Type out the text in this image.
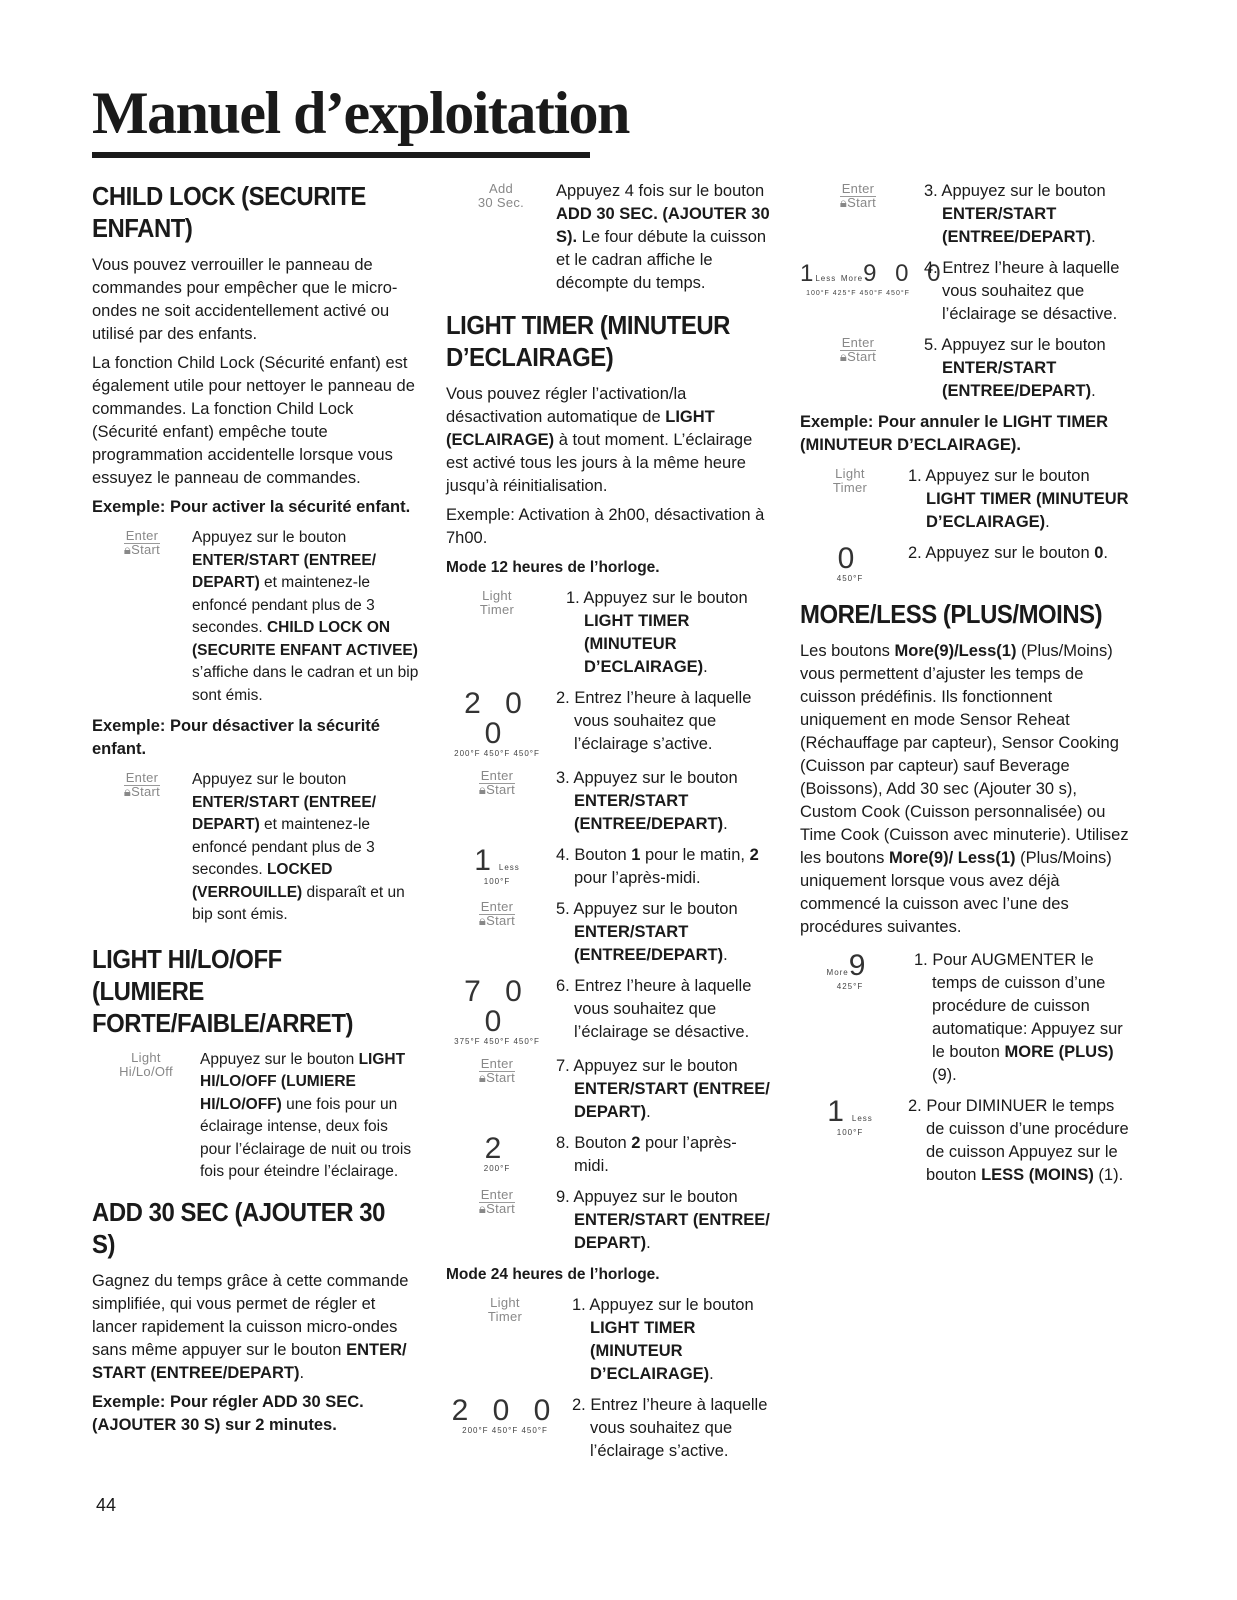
Manuel d’exploitation
CHILD LOCK (SECURITE ENFANT)

Vous pouvez verrouiller le panneau de commandes pour empêcher que le micro-ondes ne soit accidentellement activé ou utilisé par des enfants.

La fonction Child Lock (Sécurité enfant) est également utile pour nettoyer le panneau de commandes. La fonction Child Lock (Sécurité enfant) empêche toute programmation accidentelle lorsque vous essuyez le panneau de commandes.

Exemple: Pour activer la sécurité enfant.

Enter
🔒︎Start
Appuyez sur le bouton ENTER/START (ENTREE/ DEPART) et maintenez-le enfoncé pendant plus de 3 secondes. CHILD LOCK ON (SECURITE ENFANT ACTIVEE) s’affiche dans le cadran et un bip sont émis.

Exemple: Pour désactiver la sécurité enfant.

Enter
🔒︎Start
Appuyez sur le bouton ENTER/START (ENTREE/ DEPART) et maintenez-le enfoncé pendant plus de 3 secondes. LOCKED (VERROUILLE) disparaît et un bip sont émis.
LIGHT HI/LO/OFF (LUMIERE FORTE/FAIBLE/ARRET)
Light
Hi/Lo/Off
Appuyez sur le bouton LIGHT HI/LO/OFF (LUMIERE HI/LO/OFF) une fois pour un éclairage intense, deux fois pour l’éclairage de nuit ou trois fois pour éteindre l’éclairage.
ADD 30 SEC (AJOUTER 30 S)

Gagnez du temps grâce à cette commande simplifiée, qui vous permet de régler et lancer rapidement la cuisson micro-ondes sans même appuyer sur le bouton ENTER/ START (ENTREE/DEPART).

Exemple: Pour régler ADD 30 SEC. (AJOUTER 30 S) sur 2 minutes.

Add
30 Sec.
Appuyez 4 fois sur le bouton ADD 30 SEC. (AJOUTER 30 S). Le four débute la cuisson et le cadran affiche le décompte du temps.
LIGHT TIMER (MINUTEUR D’ECLAIRAGE)

Vous pouvez régler l’activation/la désactivation automatique de LIGHT (ECLAIRAGE) à tout moment. L’éclairage est activé tous les jours à la même heure jusqu’à réinitialisation.

Exemple: Activation à 2h00, désactivation à 7h00.

Mode 12 heures de l’horloge.

Light
Timer
1. Appuyez sur le bouton LIGHT TIMER (MINUTEUR D’ECLAIRAGE).
2 0 0
200°F 450°F 450°F
2. Entrez l’heure à laquelle vous souhaitez que l’éclairage s’active.
Enter
🔒︎Start
3. Appuyez sur le bouton ENTER/START (ENTREE/DEPART).
1Less
100°F
4. Bouton 1 pour le matin, 2 pour l’après-midi.
Enter
🔒︎Start
5. Appuyez sur le bouton ENTER/START (ENTREE/DEPART).
7 0 0
375°F 450°F 450°F
6. Entrez l’heure à laquelle vous souhaitez que l’éclairage se désactive.
Enter
🔒︎Start
7. Appuyez sur le bouton ENTER/START (ENTREE/ DEPART).
2
200°F
8. Bouton 2 pour l’après-midi.
Enter
🔒︎Start
9. Appuyez sur le bouton ENTER/START (ENTREE/ DEPART).

Mode 24 heures de l’horloge.

Light
Timer
1. Appuyez sur le bouton LIGHT TIMER (MINUTEUR D’ECLAIRAGE).
2 0 0
200°F 450°F 450°F
2. Entrez l’heure à laquelle vous souhaitez que l’éclairage s’active.
Enter
🔒︎Start
3. Appuyez sur le bouton ENTER/START (ENTREE/DEPART).
1Less More9 0 0
100°F 425°F 450°F 450°F
4. Entrez l’heure à laquelle vous souhaitez que l’éclairage se désactive.
Enter
🔒︎Start
5. Appuyez sur le bouton ENTER/START (ENTREE/DEPART).

Exemple: Pour annuler le LIGHT TIMER (MINUTEUR D’ECLAIRAGE).

Light
Timer
1. Appuyez sur le bouton LIGHT TIMER (MINUTEUR D’ECLAIRAGE).
0
450°F
2. Appuyez sur le bouton 0.
MORE/LESS (PLUS/MOINS)

Les boutons More(9)/Less(1) (Plus/Moins) vous permettent d’ajuster les temps de cuisson prédéfinis. Ils fonctionnent uniquement en mode Sensor Reheat (Réchauffage par capteur), Sensor Cooking (Cuisson par capteur) sauf Beverage (Boissons), Add 30 sec (Ajouter 30 s), Custom Cook (Cuisson personnalisée) ou Time Cook (Cuisson avec minuterie). Utilisez les boutons More(9)/ Less(1) (Plus/Moins) uniquement lorsque vous avez déjà commencé la cuisson avec l’une des procédures suivantes.

More9
425°F
1. Pour AUGMENTER le temps de cuisson d’une procédure de cuisson automatique: Appuyez sur le bouton MORE (PLUS) (9).
1Less
100°F
2. Pour DIMINUER le temps de cuisson d’une procédure de cuisson Appuyez sur le bouton LESS (MOINS) (1).
44
